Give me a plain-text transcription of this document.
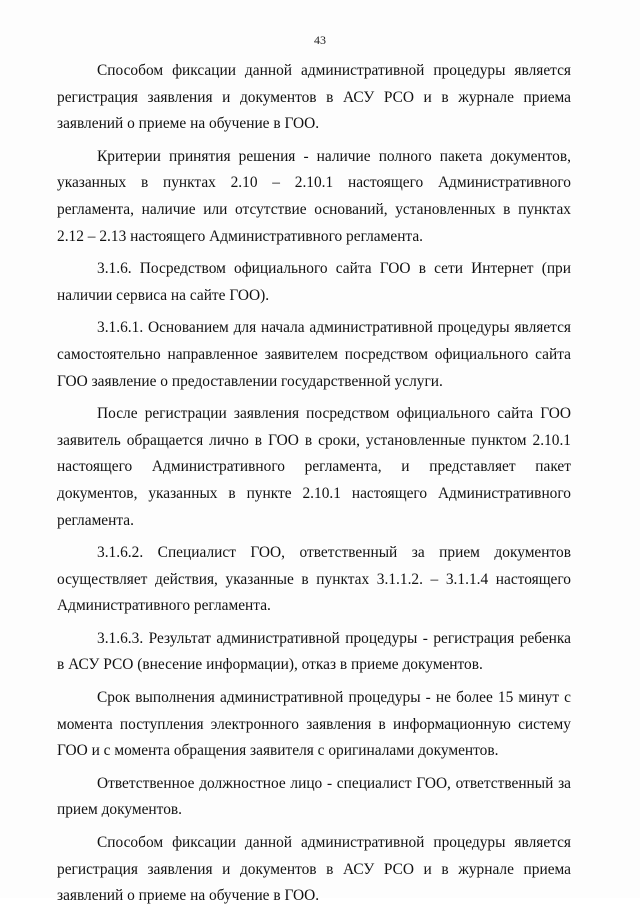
43

Способом фиксации данной административной процедуры является регистрация заявления и документов в АСУ РСО и в журнале приема заявлений о приеме на обучение в ГОО.

Критерии принятия решения - наличие полного пакета документов, указанных в пунктах 2.10 – 2.10.1 настоящего Административного регламента, наличие или отсутствие оснований, установленных в пунктах 2.12 – 2.13 настоящего Административного регламента.

3.1.6. Посредством официального сайта ГОО в сети Интернет (при наличии сервиса на сайте ГОО).

3.1.6.1. Основанием для начала административной процедуры является самостоятельно направленное заявителем посредством официального сайта ГОО заявление о предоставлении государственной услуги.

После регистрации заявления посредством официального сайта ГОО заявитель обращается лично в ГОО в сроки, установленные пунктом 2.10.1 настоящего Административного регламента, и представляет пакет документов, указанных в пункте 2.10.1 настоящего Административного регламента.

3.1.6.2. Специалист ГОО, ответственный за прием документов осуществляет действия, указанные в пунктах 3.1.1.2. – 3.1.1.4 настоящего Административного регламента.

3.1.6.3. Результат административной процедуры - регистрация ребенка в АСУ РСО (внесение информации), отказ в приеме документов.

Срок выполнения административной процедуры - не более 15 минут с момента поступления электронного заявления в информационную систему ГОО и с момента обращения заявителя с оригиналами документов.

Ответственное должностное лицо - специалист ГОО, ответственный за прием документов.

Способом фиксации данной административной процедуры является регистрация заявления и документов в АСУ РСО и в журнале приема заявлений о приеме на обучение в ГОО.
